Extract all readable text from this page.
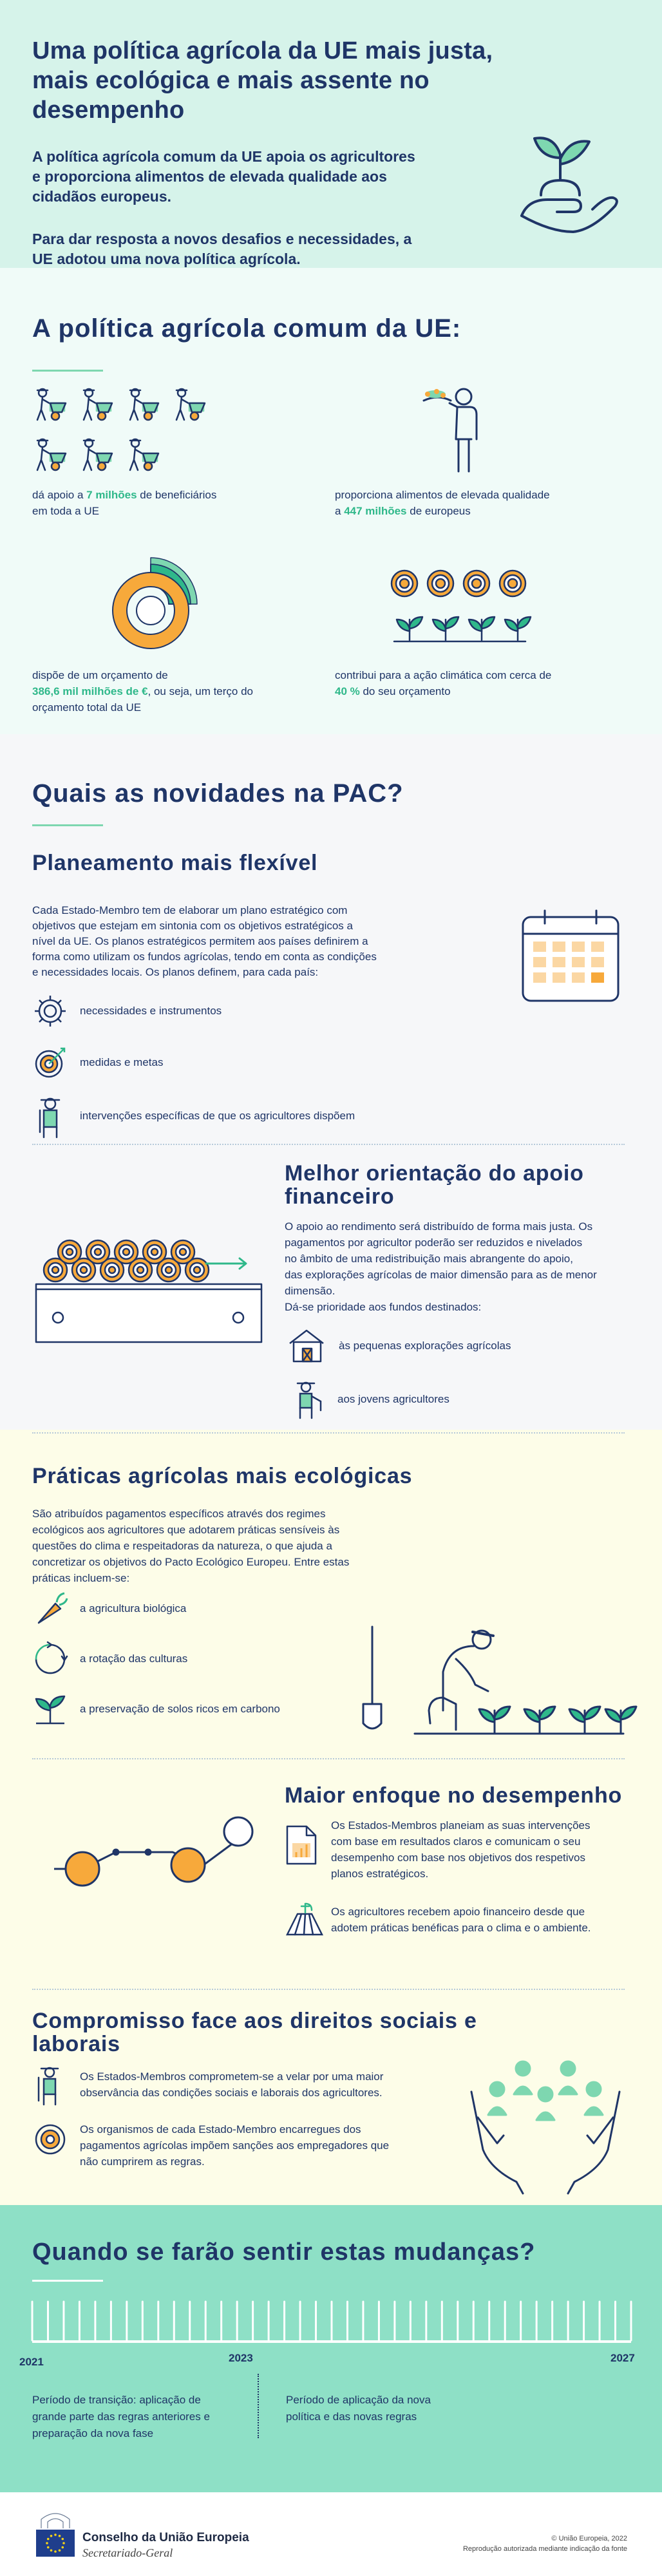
Uma política agrícola da UE mais justa,
mais ecológica e mais assente no
desempenho
A política agrícola comum da UE apoia os agricultores
e proporciona alimentos de elevada qualidade aos
cidadãos europeus.
Para dar resposta a novos desafios e necessidades, a
UE adotou uma nova política agrícola.
A política agrícola comum da UE:
dá apoio a 7 milhões de beneficiários
em toda a UE
proporciona alimentos de elevada qualidade
a 447 milhões de europeus
dispõe de um orçamento de
386,6 mil milhões de €, ou seja, um terço do
orçamento total da UE
contribui para a ação climática com cerca de
40 % do seu orçamento
Quais as novidades na PAC?
Planeamento mais flexível
Cada Estado-Membro tem de elaborar um plano estratégico com
objetivos que estejam em sintonia com os objetivos estratégicos a
nível da UE. Os planos estratégicos permitem aos países definirem a
forma como utilizam os fundos agrícolas, tendo em conta as condições
e necessidades locais. Os planos definem, para cada país:
necessidades e instrumentos
medidas e metas
intervenções específicas de que os agricultores dispõem
Melhor orientação do apoio
financeiro
O apoio ao rendimento será distribuído de forma mais justa. Os
pagamentos por agricultor poderão ser reduzidos e nivelados
no âmbito de uma redistribuição mais abrangente do apoio,
das explorações agrícolas de maior dimensão para as de menor
dimensão.
Dá-se prioridade aos fundos destinados:
às pequenas explorações agrícolas
aos jovens agricultores
Práticas agrícolas mais ecológicas
São atribuídos pagamentos específicos através dos regimes
ecológicos aos agricultores que adotarem práticas sensíveis às
questões do clima e respeitadoras da natureza, o que ajuda a
concretizar os objetivos do Pacto Ecológico Europeu. Entre estas
práticas incluem-se:
a agricultura biológica
a rotação das culturas
a preservação de solos ricos em carbono
Maior enfoque no desempenho
Os Estados-Membros planeiam as suas intervenções
com base em resultados claros e comunicam o seu
desempenho com base nos objetivos dos respetivos
planos estratégicos.
Os agricultores recebem apoio financeiro desde que
adotem práticas benéficas para o clima e o ambiente.
Compromisso face aos direitos sociais e
laborais
Os Estados-Membros comprometem-se a velar por uma maior
observância das condições sociais e laborais dos agricultores.
Os organismos de cada Estado-Membro encarregues dos
pagamentos agrícolas impõem sanções aos empregadores que
não cumprirem as regras.
Quando se farão sentir estas mudanças?
2021	2023	2027
Período de transição: aplicação de
grande parte das regras anteriores e
preparação da nova fase
Período de aplicação da nova
política e das novas regras
Conselho da União Europeia
Secretariado-Geral
© União Europeia, 2022
Reprodução autorizada mediante indicação da fonte
